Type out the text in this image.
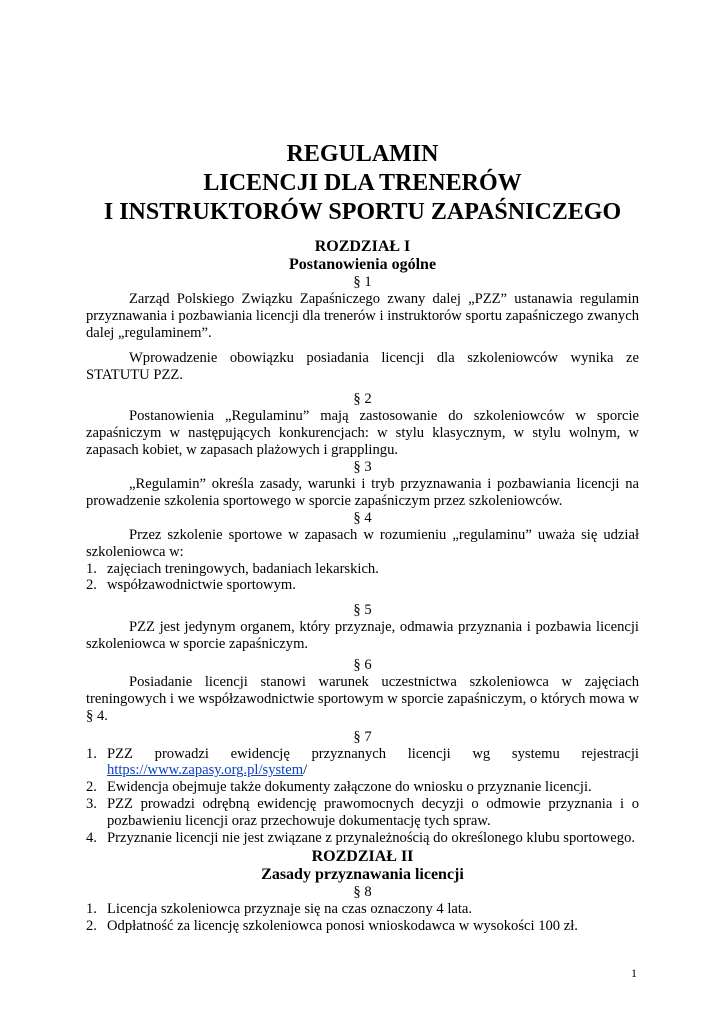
REGULAMIN
LICENCJI DLA TRENERÓW
I INSTRUKTORÓW SPORTU ZAPAŚNICZEGO
ROZDZIAŁ I
Postanowienia ogólne
§ 1
Zarząd Polskiego Związku Zapaśniczego zwany dalej „PZZ” ustanawia regulamin przyznawania i pozbawiania licencji dla trenerów i instruktorów sportu zapaśniczego zwanych dalej „regulaminem”.
Wprowadzenie obowiązku posiadania licencji dla szkoleniowców wynika ze STATUTU PZZ.
§ 2
Postanowienia „Regulaminu” mają zastosowanie do szkoleniowców w sporcie zapaśniczym w następujących konkurencjach: w stylu klasycznym, w stylu wolnym, w zapasach kobiet, w zapasach plażowych i grapplingu.
§ 3
„Regulamin” określa zasady, warunki i tryb przyznawania i pozbawiania licencji na prowadzenie szkolenia sportowego w sporcie zapaśniczym przez szkoleniowców.
§ 4
Przez szkolenie sportowe w zapasach w rozumieniu „regulaminu” uważa się udział szkoleniowca w:
1. zajęciach treningowych, badaniach lekarskich.
2. współzawodnictwie sportowym.
§ 5
PZZ jest jedynym organem, który przyznaje, odmawia przyznania i pozbawia licencji szkoleniowca w sporcie zapaśniczym.
§ 6
Posiadanie licencji stanowi warunek uczestnictwa szkoleniowca w zajęciach treningowych i we współzawodnictwie sportowym w sporcie zapaśniczym, o których mowa w § 4.
§ 7
1. PZZ prowadzi ewidencję przyznanych licencji wg systemu rejestracji
https://www.zapasy.org.pl/system/
2. Ewidencja obejmuje także dokumenty załączone do wniosku o przyznanie licencji.
3. PZZ prowadzi odrębną ewidencję prawomocnych decyzji o odmowie przyznania i o pozbawieniu licencji oraz przechowuje dokumentację tych spraw.
4. Przyznanie licencji nie jest związane z przynależnością do określonego klubu sportowego.
ROZDZIAŁ II
Zasady przyznawania licencji
§ 8
1. Licencja szkoleniowca przyznaje się na czas oznaczony 4 lata.
2. Odpłatność za licencję szkoleniowca ponosi wnioskodawca w wysokości 100 zł.
1
